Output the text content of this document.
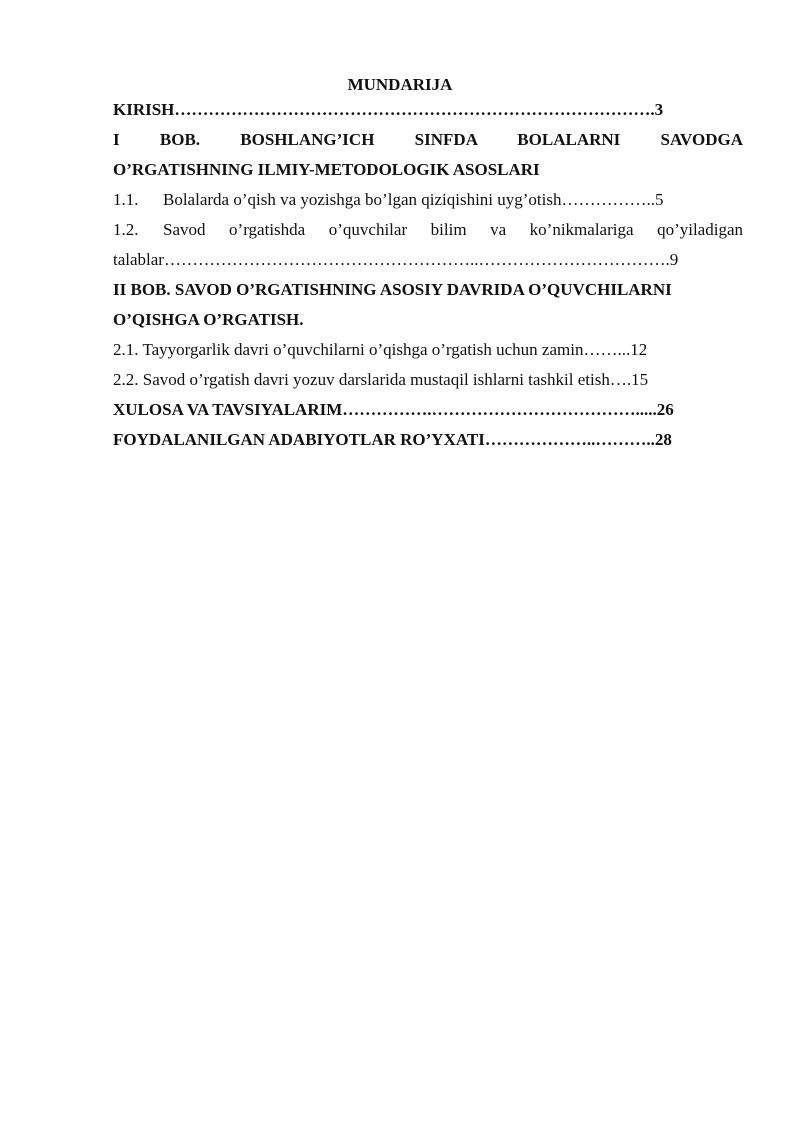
MUNDARIJA
KIRISH………………………………………………………………………….3
I BOB. BOSHLANG’ICH SINFDA BOLALARNI SAVODGA
O’RGATISHNING ILMIY-METODOLOGIK ASOSLARI
1.1. Bolalarda o’qish va yozishga bo’lgan qiziqishini uyg’otish……………..5
1.2.	Savod o’rgatishda o’quvchilar bilim va ko’nikmalariga qo’yiladigan
talablar………………………………………………..…………………………….9
II BOB. SAVOD O’RGATISHNING ASOSIY DAVRIDA O’QUVCHILARNI
O’QISHGA O’RGATISH.
2.1. Tayyorgarlik davri o’quvchilarni o’qishga o’rgatish uchun zamin……...12
2.2. Savod o’rgatish davri yozuv darslarida mustaqil ishlarni tashkil etish….15
XULOSA VA TAVSIYALARIM…………….……………………………….....26
FOYDALANILGAN ADABIYOTLAR RO’YXATI………………..………..28
